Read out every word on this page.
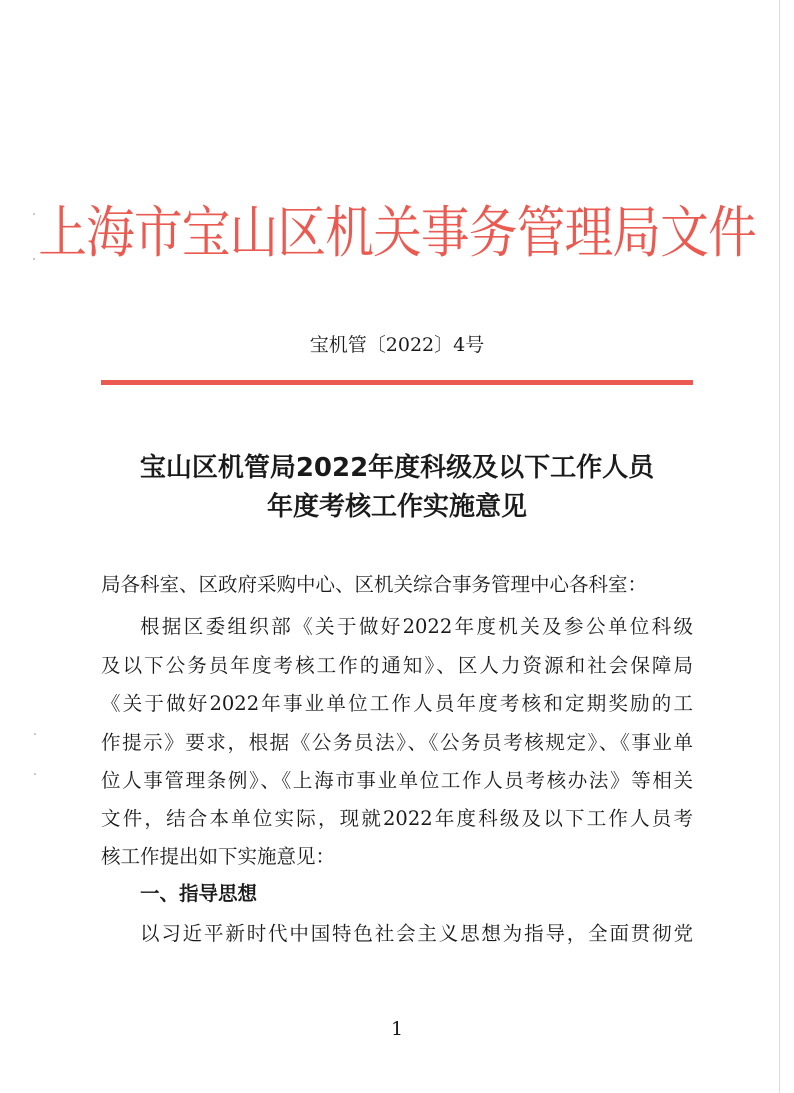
上海市宝山区机关事务管理局文件
宝机管〔2022〕4号
宝山区机管局2022年度科级及以下工作人员
年度考核工作实施意见
局各科室、区政府采购中心、区机关综合事务管理中心各科室：
根据区委组织部《关于做好2022年度机关及参公单位科级
及以下公务员年度考核工作的通知》、区人力资源和社会保障局
《关于做好2022年事业单位工作人员年度考核和定期奖励的工
作提示》要求，根据《公务员法》、《公务员考核规定》、《事业单
位人事管理条例》、《上海市事业单位工作人员考核办法》等相关
文件，结合本单位实际，现就2022年度科级及以下工作人员考
核工作提出如下实施意见：
一、指导思想
以习近平新时代中国特色社会主义思想为指导，全面贯彻党
1
